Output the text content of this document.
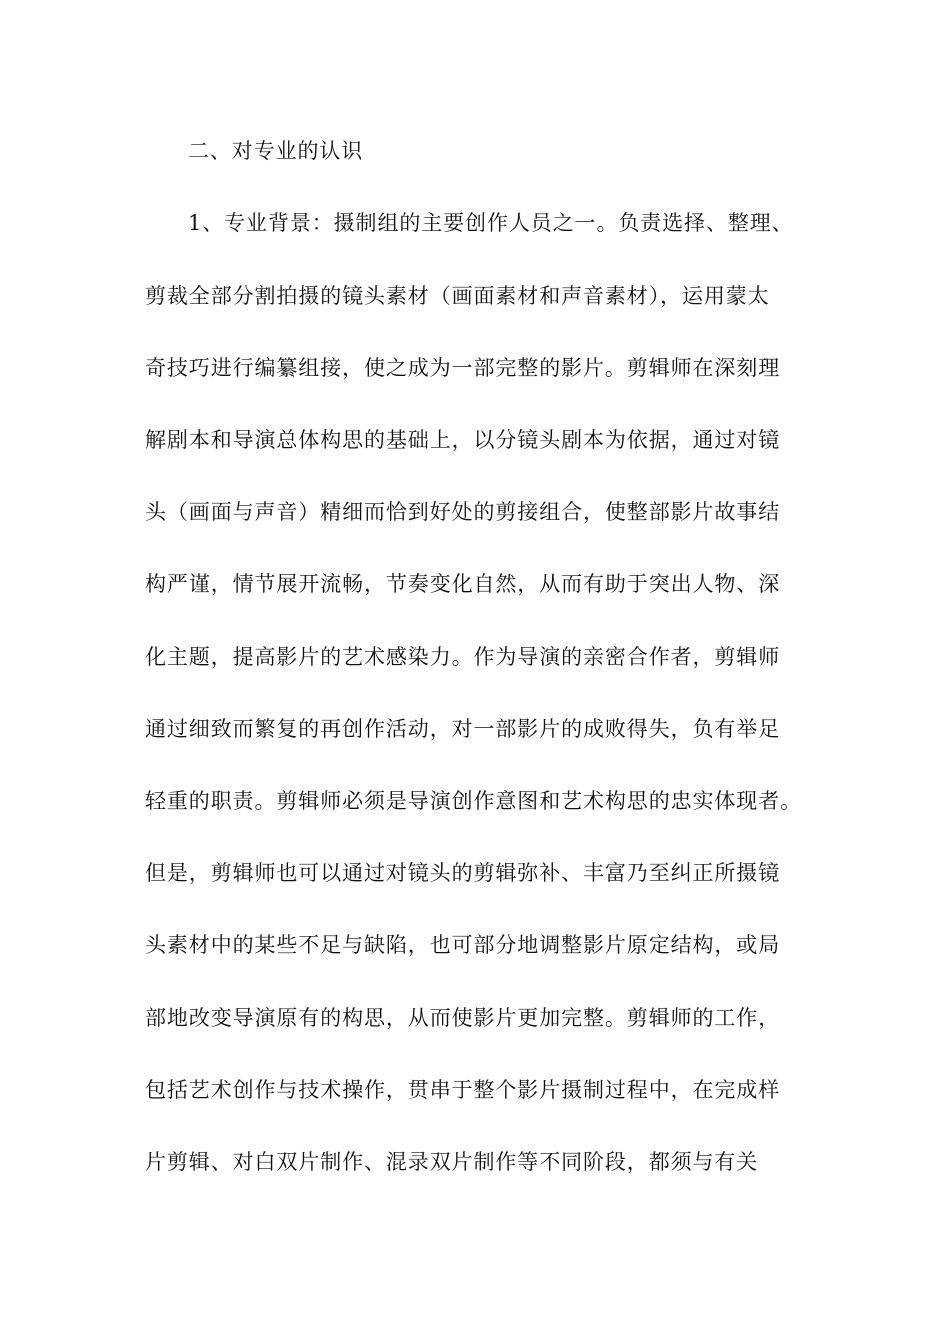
二、对专业的认识
1、专业背景：摄制组的主要创作人员之一。负责选择、整理、
剪裁全部分割拍摄的镜头素材（画面素材和声音素材），运用蒙太
奇技巧进行编纂组接，使之成为一部完整的影片。剪辑师在深刻理
解剧本和导演总体构思的基础上，以分镜头剧本为依据，通过对镜
头（画面与声音）精细而恰到好处的剪接组合，使整部影片故事结
构严谨，情节展开流畅，节奏变化自然，从而有助于突出人物、深
化主题，提高影片的艺术感染力。作为导演的亲密合作者，剪辑师
通过细致而繁复的再创作活动，对一部影片的成败得失，负有举足
轻重的职责。剪辑师必须是导演创作意图和艺术构思的忠实体现者。
但是，剪辑师也可以通过对镜头的剪辑弥补、丰富乃至纠正所摄镜
头素材中的某些不足与缺陷，也可部分地调整影片原定结构，或局
部地改变导演原有的构思，从而使影片更加完整。剪辑师的工作，
包括艺术创作与技术操作，贯串于整个影片摄制过程中，在完成样
片剪辑、对白双片制作、混录双片制作等不同阶段，都须与有关
